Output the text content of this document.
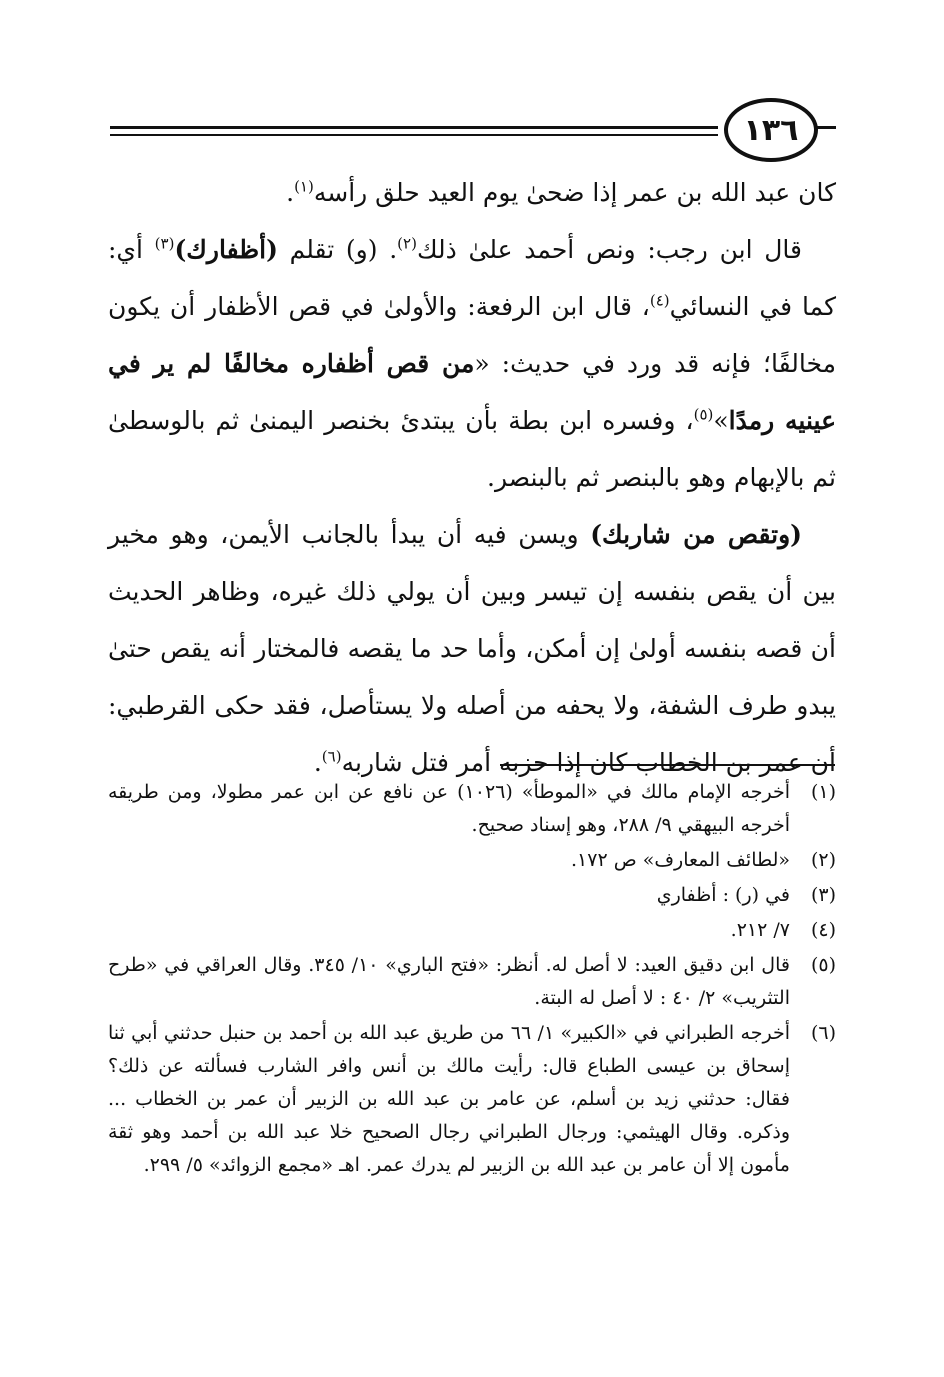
١٣٦

كان عبد الله بن عمر إذا ضحىٰ يوم العيد حلق رأسه$^{(١)}$.

قال ابن رجب: ونص أحمد علىٰ ذلك$^{(٢)}$. (و) تقلم (أظفارك)$^{(٣)}$ أي: كما في النسائي$^{(٤)}$، قال ابن الرفعة: والأولىٰ في قص الأظفار أن يكون مخالفًا؛ فإنه قد ورد في حديث: «من قص أظفاره مخالفًا لم ير في عينيه رمدًا»$^{(٥)}$، وفسره ابن بطة بأن يبتدئ بخنصر اليمنىٰ ثم بالوسطىٰ ثم بالإبهام وهو بالبنصر ثم بالبنصر.

(وتقص من شاربك) ويسن فيه أن يبدأ بالجانب الأيمن، وهو مخير بين أن يقص بنفسه إن تيسر وبين أن يولي ذلك غيره، وظاهر الحديث أن قصه بنفسه أولىٰ إن أمكن، وأما حد ما يقصه فالمختار أنه يقص حتىٰ يبدو طرف الشفة، ولا يحفه من أصله ولا يستأصل، فقد حكى القرطبي: أن عمر بن الخطاب كان إذا حزبه أمر فتل شاربه$^{(٦)}$.

(١)
أخرجه الإمام مالك في «الموطأ» (١٠٢٦) عن نافع عن ابن عمر مطولا، ومن طريقه أخرجه البيهقي ٩/ ٢٨٨، وهو إسناد صحيح.
(٢)
«لطائف المعارف» ص ١٧٢.
(٣)
في (ر) : أظفاري
(٤)
٧/ ٢١٢.
(٥)
قال ابن دقيق العيد: لا أصل له. أنظر: «فتح الباري» ١٠/ ٣٤٥. وقال العراقي في «طرح التثريب» ٢/ ٤٠ : لا أصل له البتة.
(٦)
أخرجه الطبراني في «الكبير» ١/ ٦٦ من طريق عبد الله بن أحمد بن حنبل حدثني أبي ثنا إسحاق بن عيسى الطباع قال: رأيت مالك بن أنس وافر الشارب فسألته عن ذلك؟ فقال: حدثني زيد بن أسلم، عن عامر بن عبد الله بن الزبير أن عمر بن الخطاب ... وذكره. وقال الهيثمي: ورجال الطبراني رجال الصحيح خلا عبد الله بن أحمد وهو ثقة مأمون إلا أن عامر بن عبد الله بن الزبير لم يدرك عمر. اهـ «مجمع الزوائد» ٥/ ٢٩٩.
